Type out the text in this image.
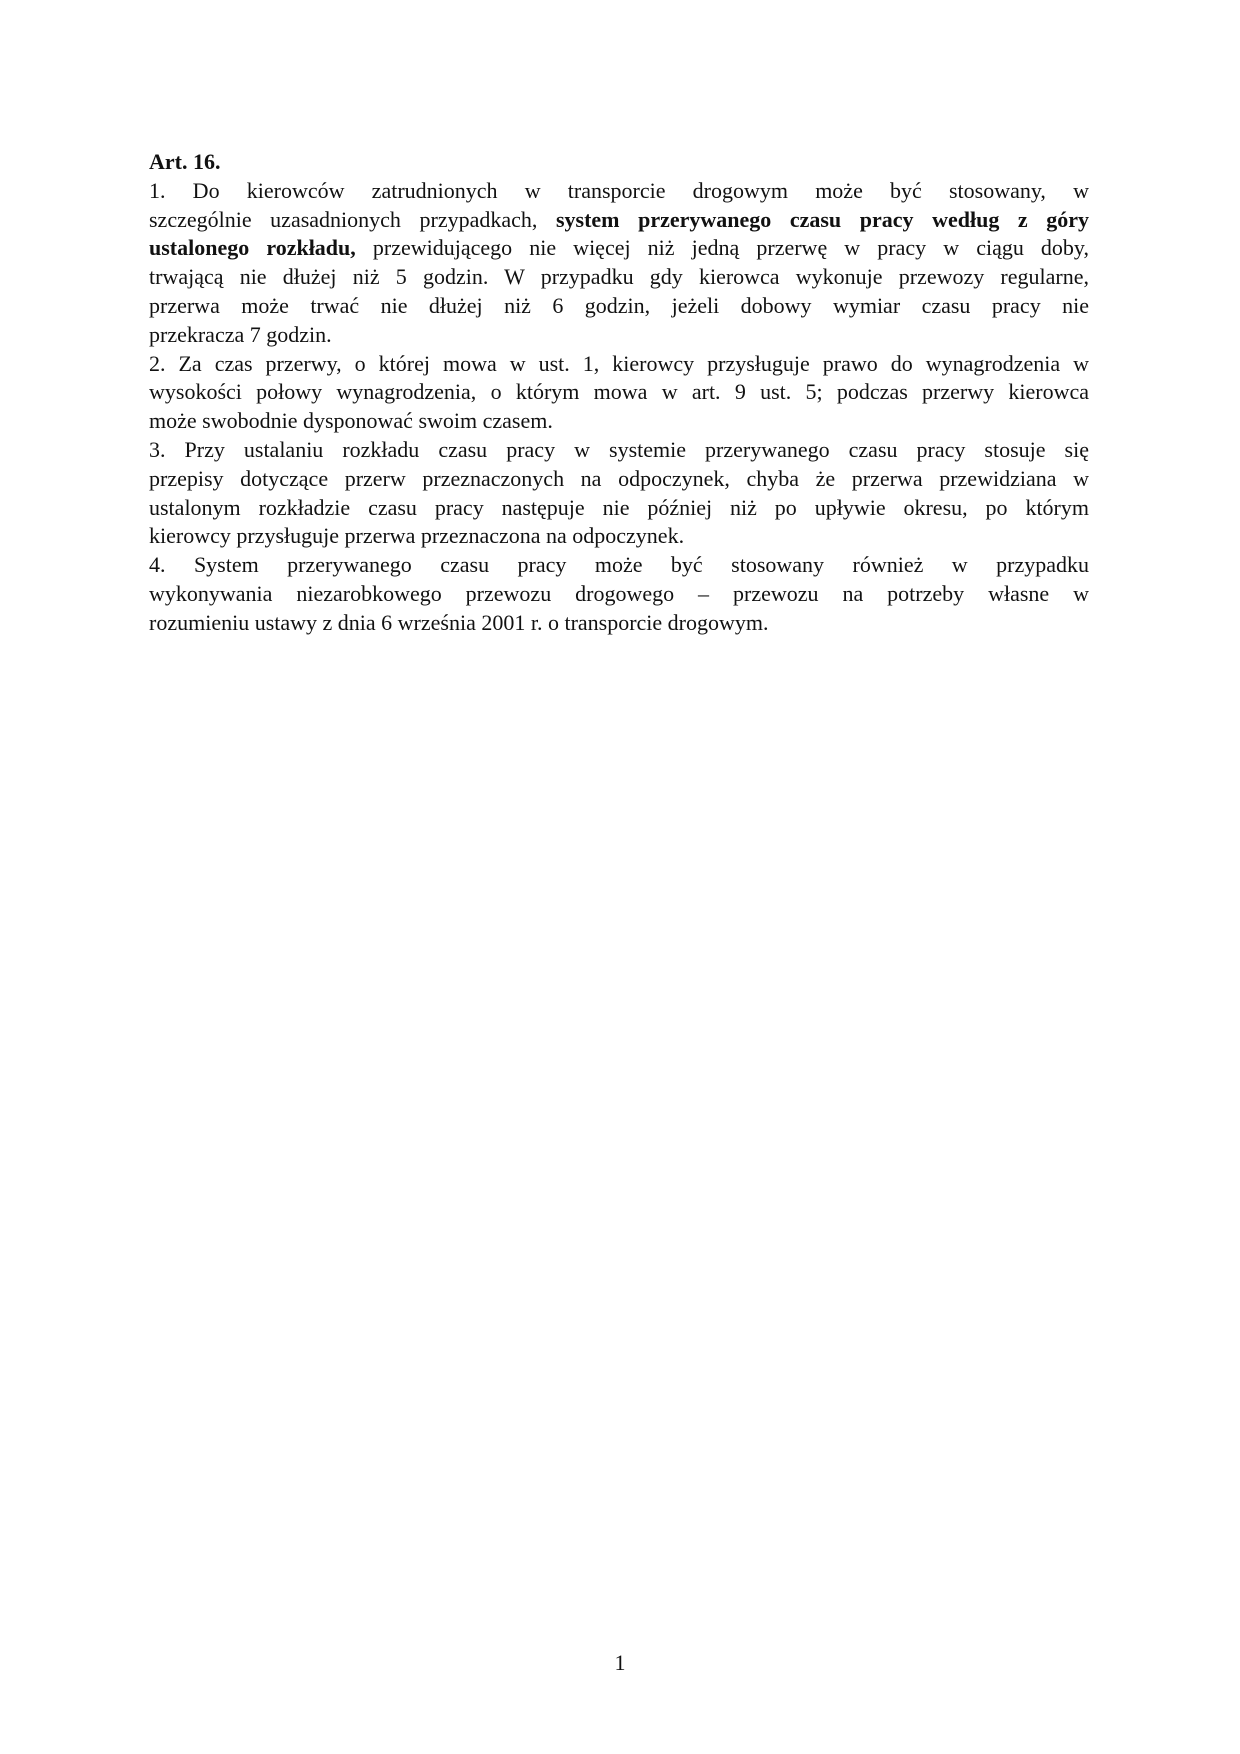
Art. 16.
1. Do kierowców zatrudnionych w transporcie drogowym może być stosowany, w
szczególnie uzasadnionych przypadkach, system przerywanego czasu pracy według z góry
ustalonego rozkładu, przewidującego nie więcej niż jedną przerwę w pracy w ciągu doby,
trwającą nie dłużej niż 5 godzin. W przypadku gdy kierowca wykonuje przewozy regularne,
przerwa może trwać nie dłużej niż 6 godzin, jeżeli dobowy wymiar czasu pracy nie
przekracza 7 godzin.
2. Za czas przerwy, o której mowa w ust. 1, kierowcy przysługuje prawo do wynagrodzenia w
wysokości połowy wynagrodzenia, o którym mowa w art. 9 ust. 5; podczas przerwy kierowca
może swobodnie dysponować swoim czasem.
3. Przy ustalaniu rozkładu czasu pracy w systemie przerywanego czasu pracy stosuje się
przepisy dotyczące przerw przeznaczonych na odpoczynek, chyba że przerwa przewidziana w
ustalonym rozkładzie czasu pracy następuje nie później niż po upływie okresu, po którym
kierowcy przysługuje przerwa przeznaczona na odpoczynek.
4. System przerywanego czasu pracy może być stosowany również w przypadku
wykonywania niezarobkowego przewozu drogowego – przewozu na potrzeby własne w
rozumieniu ustawy z dnia 6 września 2001 r. o transporcie drogowym.
1
